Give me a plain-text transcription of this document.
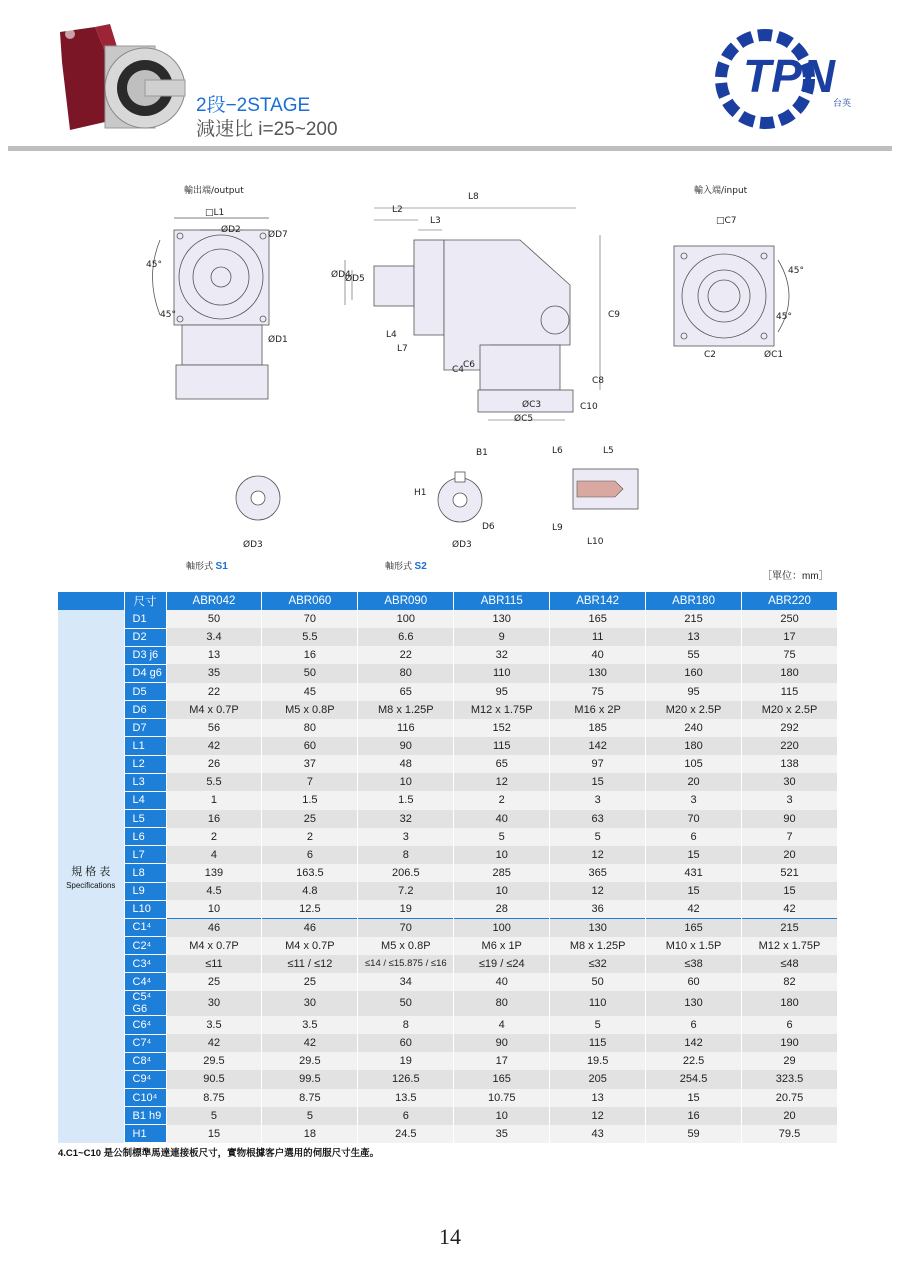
2段−2STAGE
減速比 i=25~200
TPN
台英
輸出端/output	輸入端/input
□L1
ØD2	ØD7
45°
45°
ØD1
L8
L2
L3
ØD4
ØD5
L4
L7
C4
C6
C9
C8
C10
ØC3
ØC5
□C7
45°
45°
C2	ØC1
ØD3
B1
H1
D6
ØD3
L6	L5
L9
L10
軸形式 S1	軸形式 S2
［單位：mm］
	尺寸	ABR042	ABR060	ABR090	ABR115	ABR142	ABR180	ABR220
規 格 表
Specifications	D1	50	70	100	130	165	215	250
	D2	3.4	5.5	6.6	9	11	13	17
	D3 j6	13	16	22	32	40	55	75
	D4 g6	35	50	80	110	130	160	180
	D5	22	45	65	95	75	95	115
	D6	M4 x 0.7P	M5 x 0.8P	M8 x 1.25P	M12 x 1.75P	M16 x 2P	M20 x 2.5P	M20 x 2.5P
	D7	56	80	116	152	185	240	292
	L1	42	60	90	115	142	180	220
	L2	26	37	48	65	97	105	138
	L3	5.5	7	10	12	15	20	30
	L4	1	1.5	1.5	2	3	3	3
	L5	16	25	32	40	63	70	90
	L6	2	2	3	5	5	6	7
	L7	4	6	8	10	12	15	20
	L8	139	163.5	206.5	285	365	431	521
	L9	4.5	4.8	7.2	10	12	15	15
	L10	10	12.5	19	28	36	42	42
	C1⁴	46	46	70	100	130	165	215
	C2⁴	M4 x 0.7P	M4 x 0.7P	M5 x 0.8P	M6 x 1P	M8 x 1.25P	M10 x 1.5P	M12 x 1.75P
	C3⁴	≤11	≤11 / ≤12	≤14 / ≤15.875 / ≤16	≤19 / ≤24	≤32	≤38	≤48
	C4⁴	25	25	34	40	50	60	82
	C5⁴ G6	30	30	50	80	110	130	180
	C6⁴	3.5	3.5	8	4	5	6	6
	C7⁴	42	42	60	90	115	142	190
	C8⁴	29.5	29.5	19	17	19.5	22.5	29
	C9⁴	90.5	99.5	126.5	165	205	254.5	323.5
	C10⁴	8.75	8.75	13.5	10.75	13	15	20.75
	B1 h9	5	5	6	10	12	16	20
	H1	15	18	24.5	35	43	59	79.5
4.C1~C10 是公制標準馬達連接板尺寸，實物根據客户選用的伺服尺寸生產。
14
